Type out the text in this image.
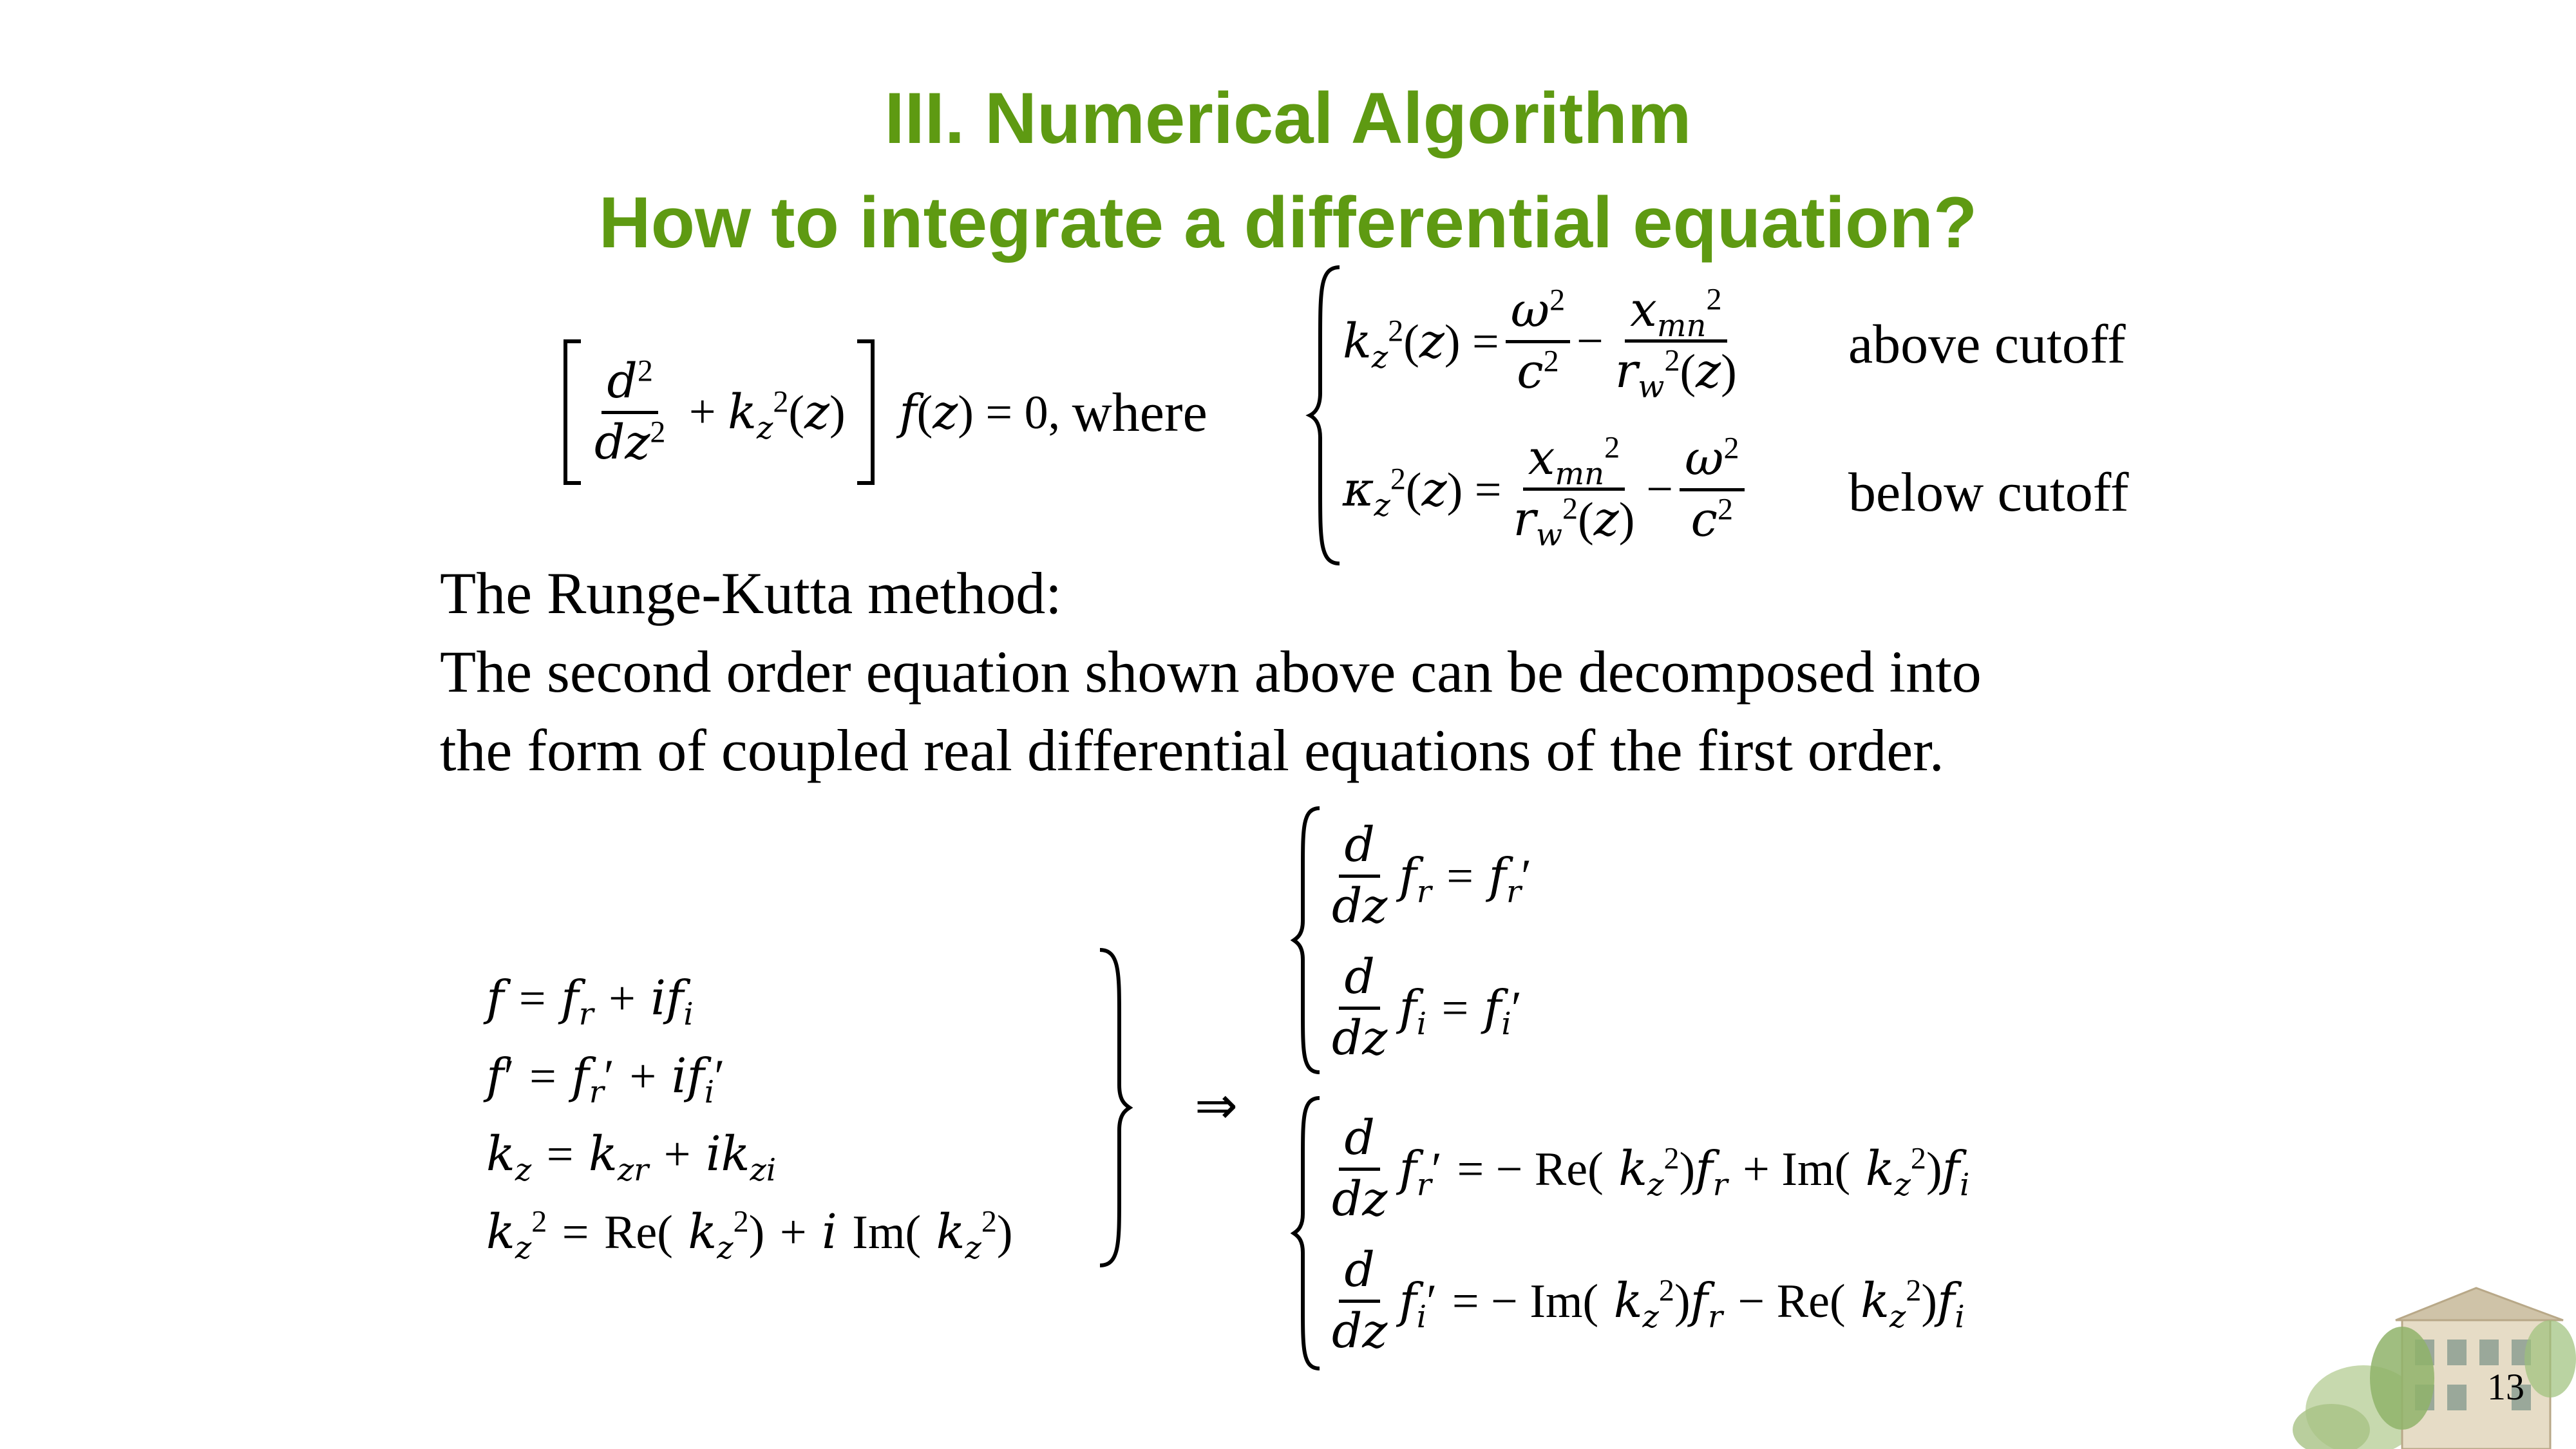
III. Numerical Algorithm
How to integrate a differential equation?
$\frac{d^2}{dz^2} + k_z^2(z) f(z) = 0$, where
$k_z^2(z) = \frac{\omega^2}{c^2} - \frac{x_{mn}^2}{r_w^2(z)}$ above cutoff
$\kappa_z^2(z) = \frac{x_{mn}^2}{r_w^2(z)} - \frac{\omega^2}{c^2}$ below cutoff
The Runge-Kutta method:
The second order equation shown above can be decomposed into
the form of coupled real differential equations of the first order.
$f = f_r + if_i$
$f' = f_r' + if_i'$
$k_z = k_{zr} + ik_{zi}$
$k_z^2 = Re$( $k_z^2) + i$ Im( $k_z^2$)
⇒
$\frac{d}{dz} f_r = f_r'$
$\frac{d}{dz} f_i = f_i'$
$\frac{d}{dz} f_r'$ = − Re( $k_z^2)f_r + Im$( $k_z^2)f_i$
$\frac{d}{dz} f_i'$ = − Im( $k_z^2)f_r - Re$( $k_z^2)f_i$
13
